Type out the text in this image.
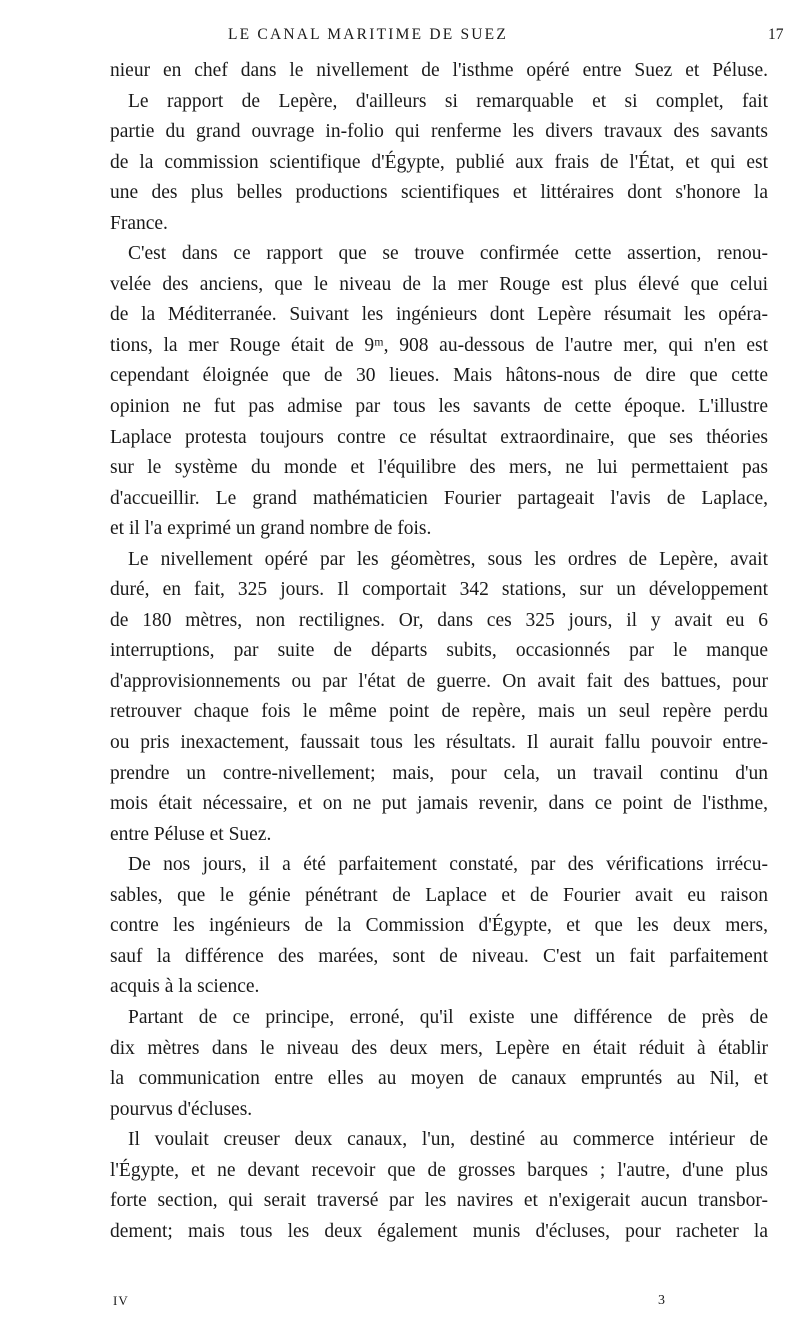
LE CANAL MARITIME DE SUEZ	17
nieur en chef dans le nivellement de l'isthme opéré entre Suez et Péluse.
Le rapport de Lepère, d'ailleurs si remarquable et si complet, fait
partie du grand ouvrage in-folio qui renferme les divers travaux des savants
de la commission scientifique d'Égypte, publié aux frais de l'État, et qui est
une des plus belles productions scientifiques et littéraires dont s'honore la
France.
C'est dans ce rapport que se trouve confirmée cette assertion, renou-
velée des anciens, que le niveau de la mer Rouge est plus élevé que celui
de la Méditerranée. Suivant les ingénieurs dont Lepère résumait les opéra-
tions, la mer Rouge était de 9ᵐ, 908 au-dessous de l'autre mer, qui n'en est
cependant éloignée que de 30 lieues. Mais hâtons-nous de dire que cette
opinion ne fut pas admise par tous les savants de cette époque. L'illustre
Laplace protesta toujours contre ce résultat extraordinaire, que ses théories
sur le système du monde et l'équilibre des mers, ne lui permettaient pas
d'accueillir. Le grand mathématicien Fourier partageait l'avis de Laplace,
et il l'a exprimé un grand nombre de fois.
Le nivellement opéré par les géomètres, sous les ordres de Lepère, avait
duré, en fait, 325 jours. Il comportait 342 stations, sur un développement
de 180 mètres, non rectilignes. Or, dans ces 325 jours, il y avait eu 6
interruptions, par suite de départs subits, occasionnés par le manque
d'approvisionnements ou par l'état de guerre. On avait fait des battues, pour
retrouver chaque fois le même point de repère, mais un seul repère perdu
ou pris inexactement, faussait tous les résultats. Il aurait fallu pouvoir entre-
prendre un contre-nivellement; mais, pour cela, un travail continu d'un
mois était nécessaire, et on ne put jamais revenir, dans ce point de l'isthme,
entre Péluse et Suez.
De nos jours, il a été parfaitement constaté, par des vérifications irrécu-
sables, que le génie pénétrant de Laplace et de Fourier avait eu raison
contre les ingénieurs de la Commission d'Égypte, et que les deux mers,
sauf la différence des marées, sont de niveau. C'est un fait parfaitement
acquis à la science.
Partant de ce principe, erroné, qu'il existe une différence de près de
dix mètres dans le niveau des deux mers, Lepère en était réduit à établir
la communication entre elles au moyen de canaux empruntés au Nil, et
pourvus d'écluses.
Il voulait creuser deux canaux, l'un, destiné au commerce intérieur de
l'Égypte, et ne devant recevoir que de grosses barques ; l'autre, d'une plus
forte section, qui serait traversé par les navires et n'exigerait aucun transbor-
dement; mais tous les deux également munis d'écluses, pour racheter la
IV	3
